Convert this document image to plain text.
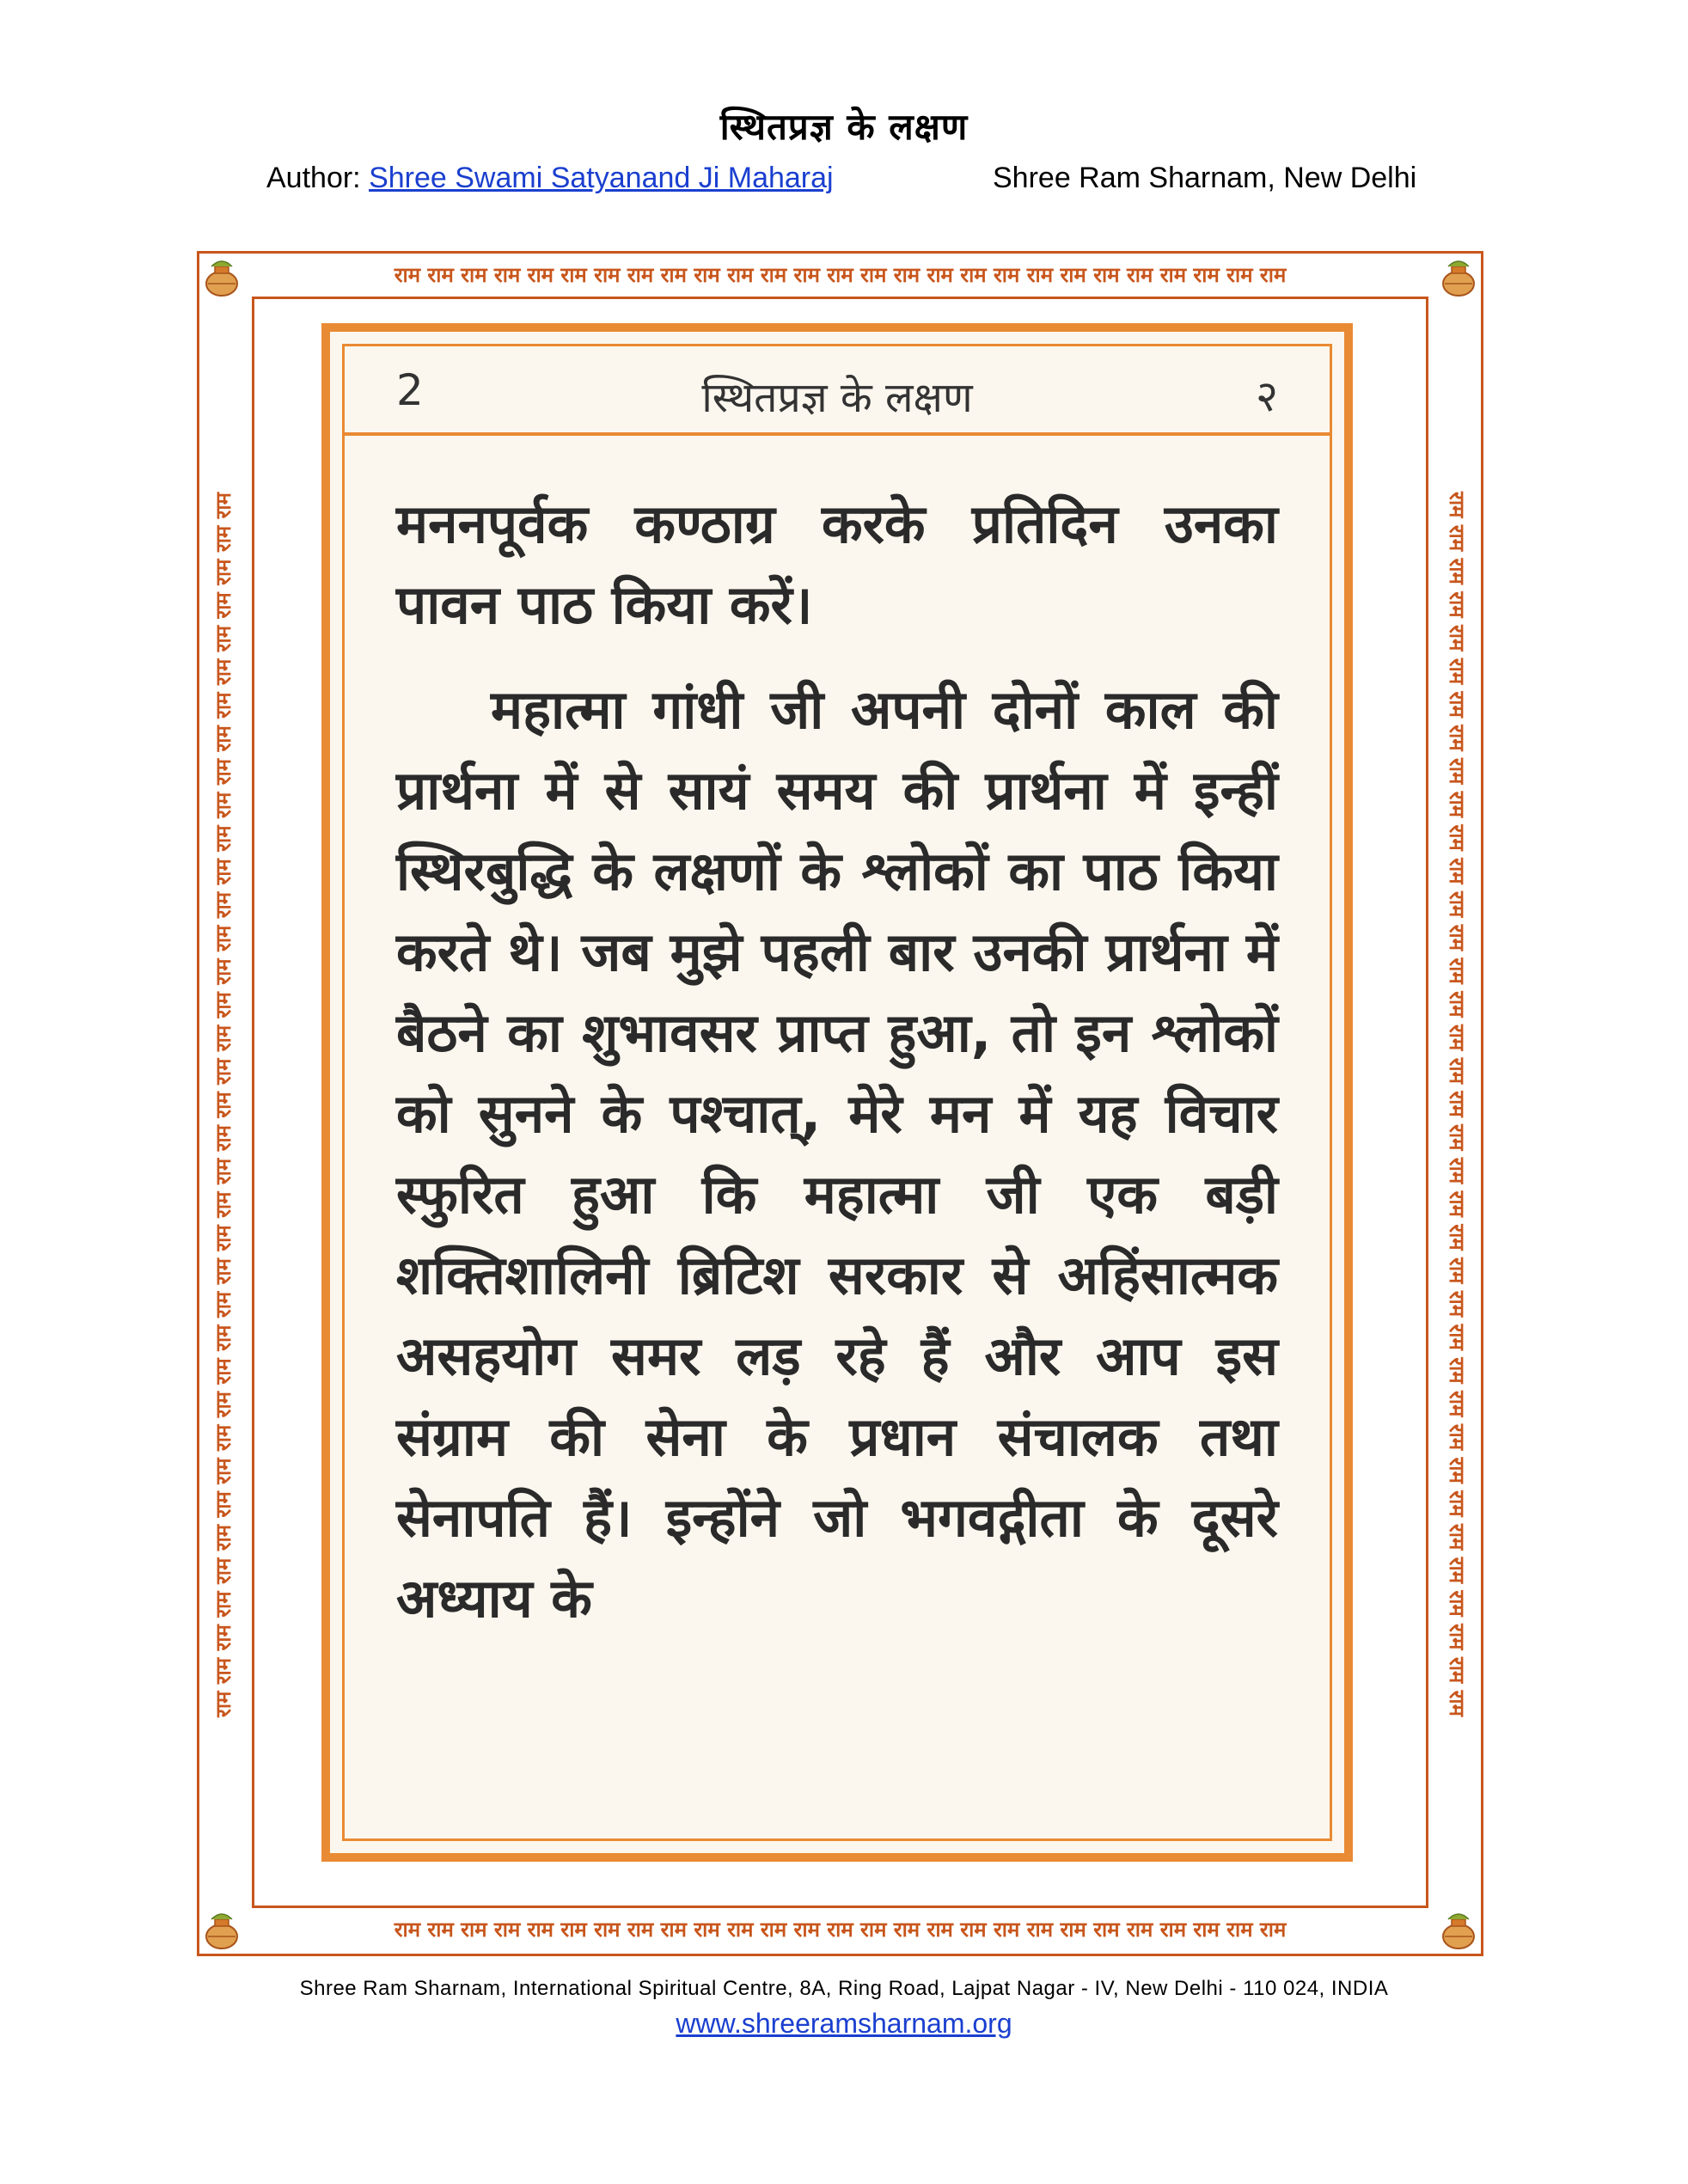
स्थितप्रज्ञ के लक्षण
Author: Shree Swami Satyanand Ji Maharaj	Shree Ram Sharnam, New Delhi
राम राम राम राम राम राम राम राम राम राम राम राम राम राम राम राम राम राम राम राम राम राम राम राम राम राम राम
राम राम राम राम राम राम राम राम राम राम राम राम राम राम राम राम राम राम राम राम राम राम राम राम राम राम राम
राम राम राम राम राम राम राम राम राम राम राम राम राम राम राम राम राम राम राम राम राम राम राम राम राम राम राम राम राम राम राम राम राम राम राम राम राम	राम राम राम राम राम राम राम राम राम राम राम राम राम राम राम राम राम राम राम राम राम राम राम राम राम राम राम राम राम राम राम राम राम राम राम राम राम
2	स्थितप्रज्ञ के लक्षण	२

मननपूर्वक कण्ठाग्र करके प्रतिदिन उनका पावन पाठ किया करें।

महात्मा गांधी जी अपनी दोनों काल की प्रार्थना में से सायं समय की प्रार्थना में इन्हीं स्थिरबुद्धि के लक्षणों के श्लोकों का पाठ किया करते थे। जब मुझे पहली बार उनकी प्रार्थना में बैठने का शुभावसर प्राप्त हुआ, तो इन श्लोकों को सुनने के पश्चात्, मेरे मन में यह विचार स्फुरित हुआ कि महात्मा जी एक बड़ी शक्तिशालिनी ब्रिटिश सरकार से अहिंसात्मक असहयोग समर लड़ रहे हैं और आप इस संग्राम की सेना के प्रधान संचालक तथा सेनापति हैं। इन्होंने जो भगवद्गीता के दूसरे अध्याय के

Shree Ram Sharnam, International Spiritual Centre, 8A, Ring Road, Lajpat Nagar - IV, New Delhi - 110 024, INDIA
www.shreeramsharnam.org
